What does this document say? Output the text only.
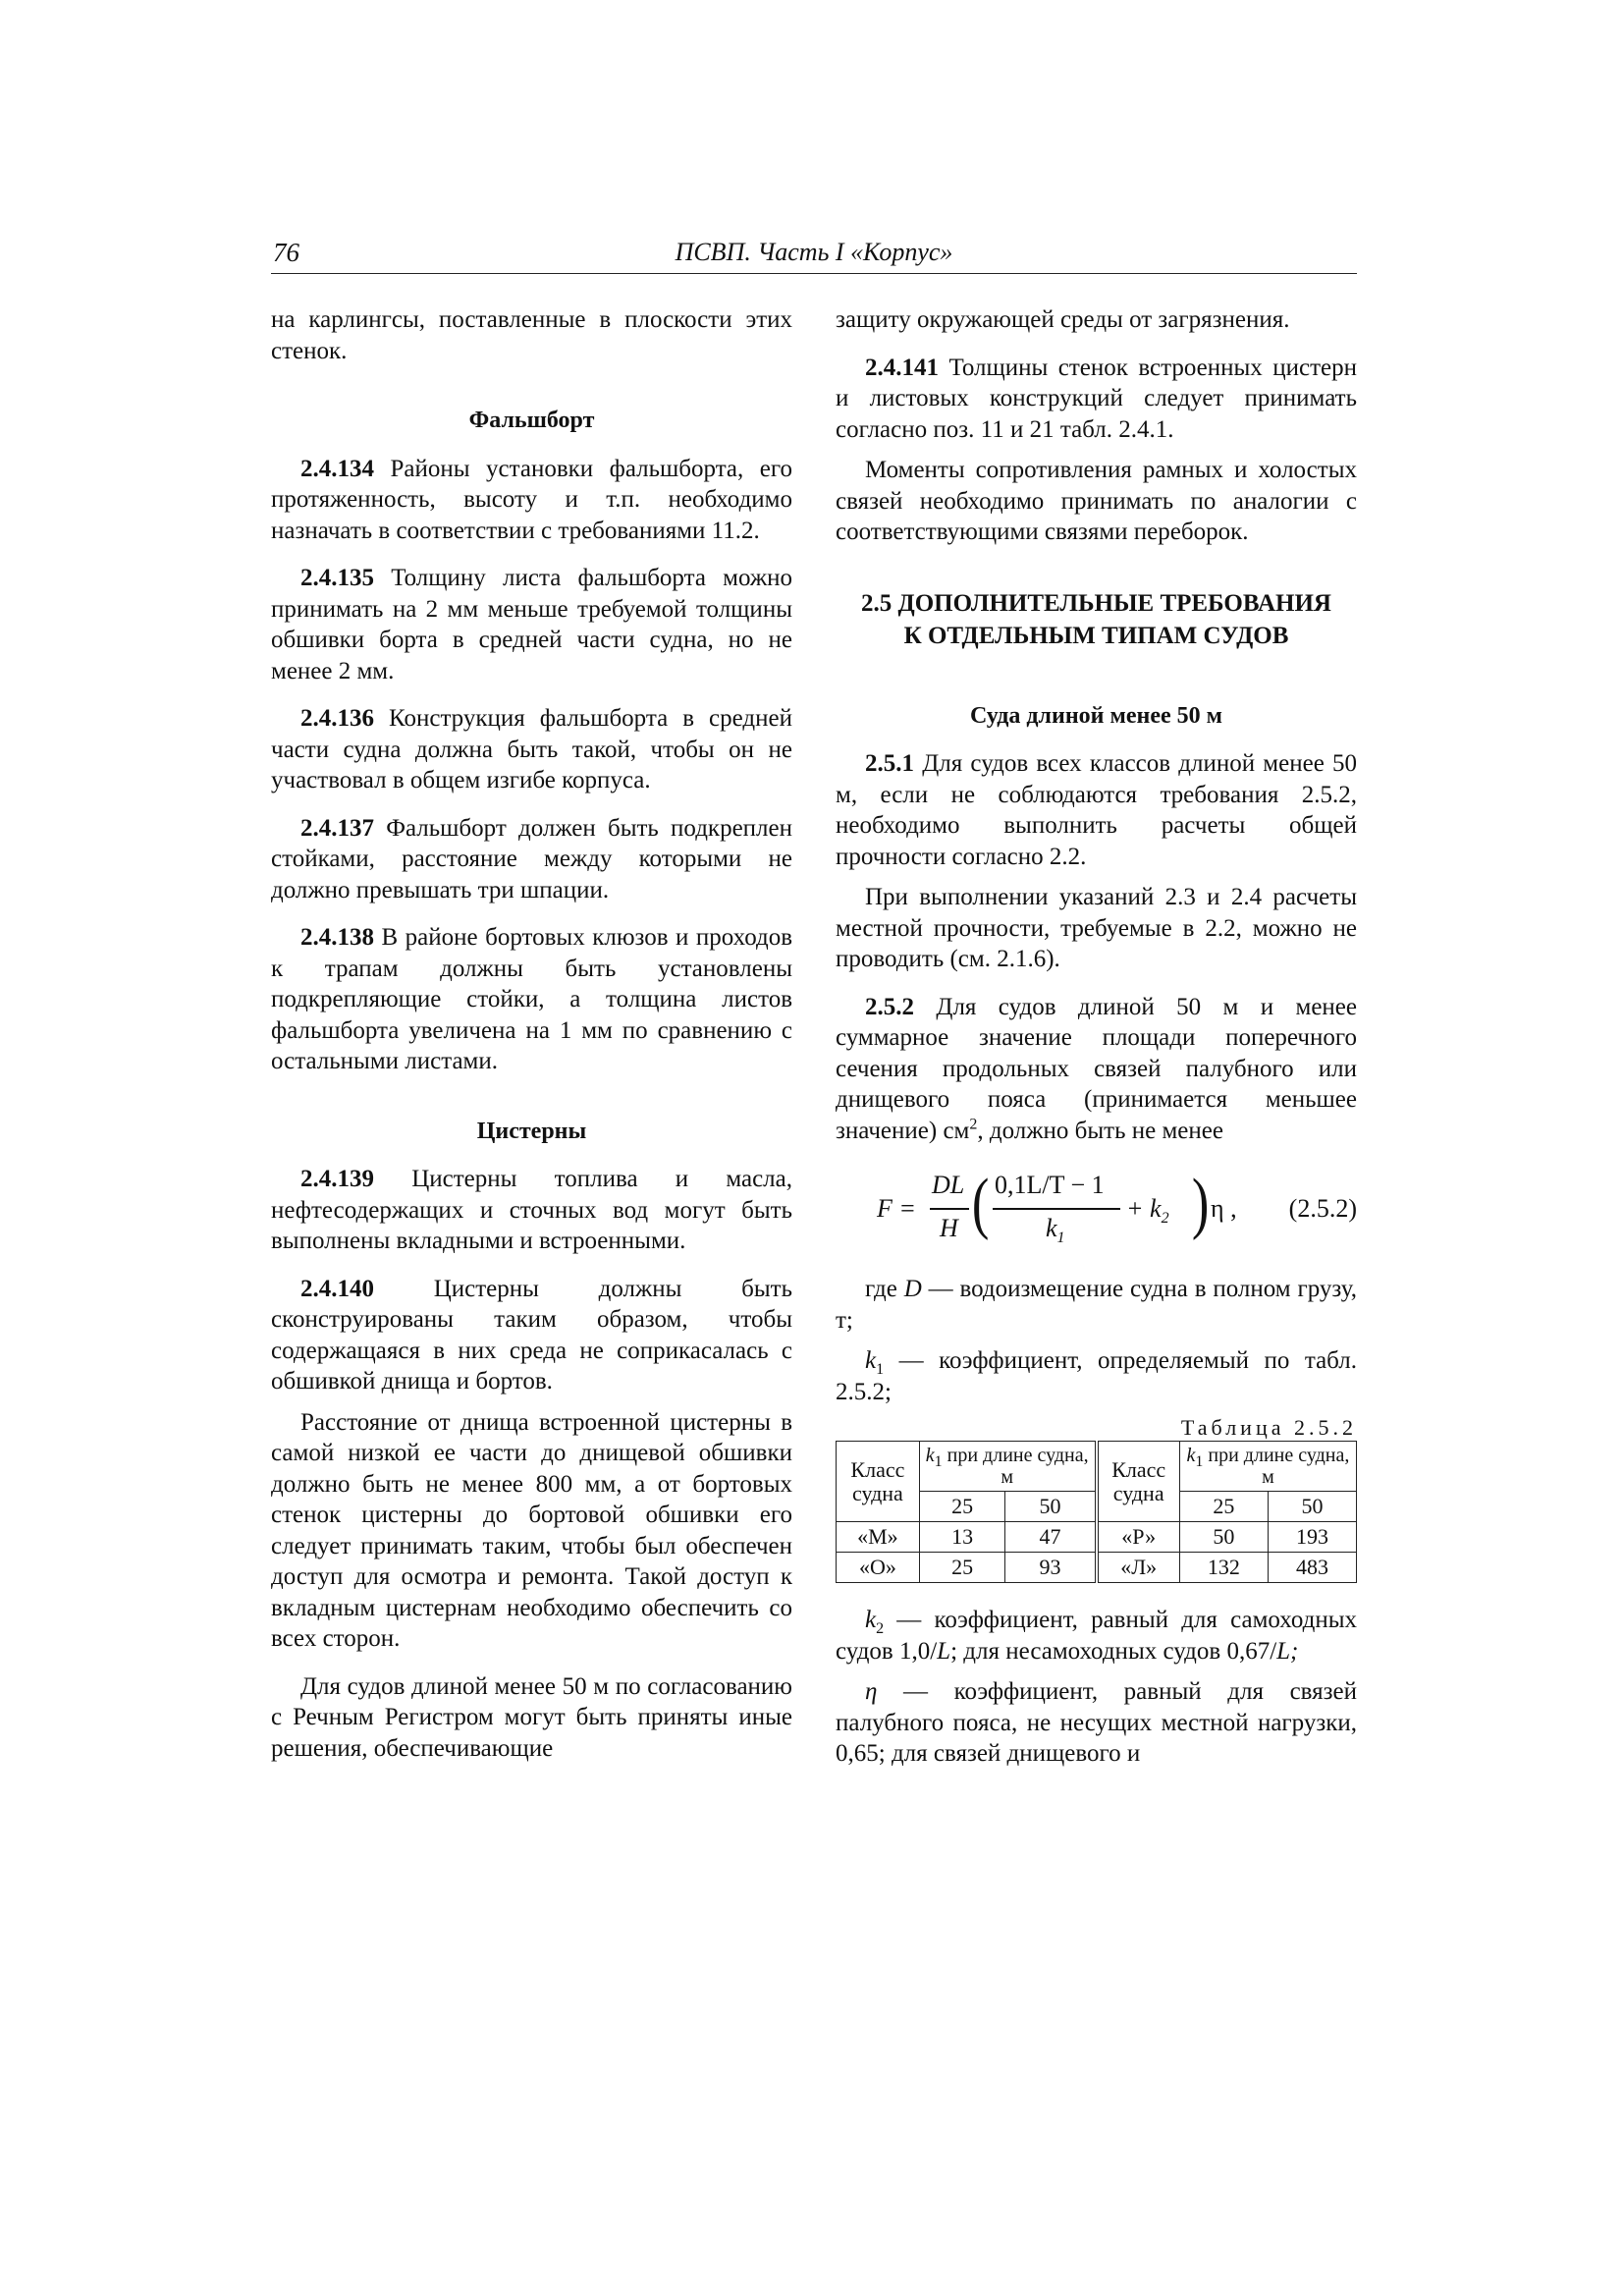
76	ПСВП. Часть I «Корпус»

на карлингсы, поставленные в плоскости этих стенок.

Фальшборт

2.4.134 Районы установки фальшборта, его протяженность, высоту и т.п. необходимо назначать в соответствии с требованиями 11.2.

2.4.135 Толщину листа фальшборта можно принимать на 2 мм меньше требуемой толщины обшивки борта в средней части судна, но не менее 2 мм.

2.4.136 Конструкция фальшборта в средней части судна должна быть такой, чтобы он не участвовал в общем изгибе корпуса.

2.4.137 Фальшборт должен быть подкреплен стойками, расстояние между которыми не должно превышать три шпации.

2.4.138 В районе бортовых клюзов и проходов к трапам должны быть установлены подкрепляющие стойки, а толщина листов фальшборта увеличена на 1 мм по сравнению с остальными листами.

Цистерны

2.4.139 Цистерны топлива и масла, нефтесодержащих и сточных вод могут быть выполнены вкладными и встроенными.

2.4.140 Цистерны должны быть сконструированы таким образом, чтобы содержащаяся в них среда не соприкасалась с обшивкой днища и бортов.

Расстояние от днища встроенной цистерны в самой низкой ее части до днищевой обшивки должно быть не менее 800 мм, а от бортовых стенок цистерны до бортовой обшивки его следует принимать таким, чтобы был обеспечен доступ для осмотра и ремонта. Такой доступ к вкладным цистернам необходимо обеспечить со всех сторон.

Для судов длиной менее 50 м по согласованию с Речным Регистром могут быть приняты иные решения, обеспечивающие

защиту окружающей среды от загрязнения.

2.4.141 Толщины стенок встроенных цистерн и листовых конструкций следует принимать согласно поз. 11 и 21 табл. 2.4.1.

Моменты сопротивления рамных и холостых связей необходимо принимать по аналогии с соответствующими связями переборок.

2.5 ДОПОЛНИТЕЛЬНЫЕ ТРЕБОВАНИЯ
К ОТДЕЛЬНЫМ ТИПАМ СУДОВ

Суда длиной менее 50 м

2.5.1 Для судов всех классов длиной менее 50 м, если не соблюдаются требования 2.5.2, необходимо выполнить расчеты общей прочности согласно 2.2.

При выполнении указаний 2.3 и 2.4 расчеты местной прочности, требуемые в 2.2, можно не проводить (см. 2.1.6).

2.5.2 Для судов длиной 50 м и менее суммарное значение площади поперечного сечения продольных связей палубного или днищевого пояса (принимается меньшее значение) $см^2$, должно быть не менее

F =
DL
H ( 0,1L/T − 1
$k_1$
+ $k_2$ ) η , (2.5.2)

где D — водоизмещение судна в полном грузу, т;

$k_1$ — коэффициент, определяемый по табл. 2.5.2;

Таблица 2.5.2
Класс судна	$k_1$ при длине судна, м		Класс судна	$k_1$ при длине судна, м	
	25	50		25	50
«М»	13	47	«Р»	50	193
«О»	25	93	«Л»	132	483

$k_2$ — коэффициент, равный для самоходных судов 1,0/L; для несамоходных судов 0,67/L;

η — коэффициент, равный для связей палубного пояса, не несущих местной нагрузки, 0,65; для связей днищевого и
